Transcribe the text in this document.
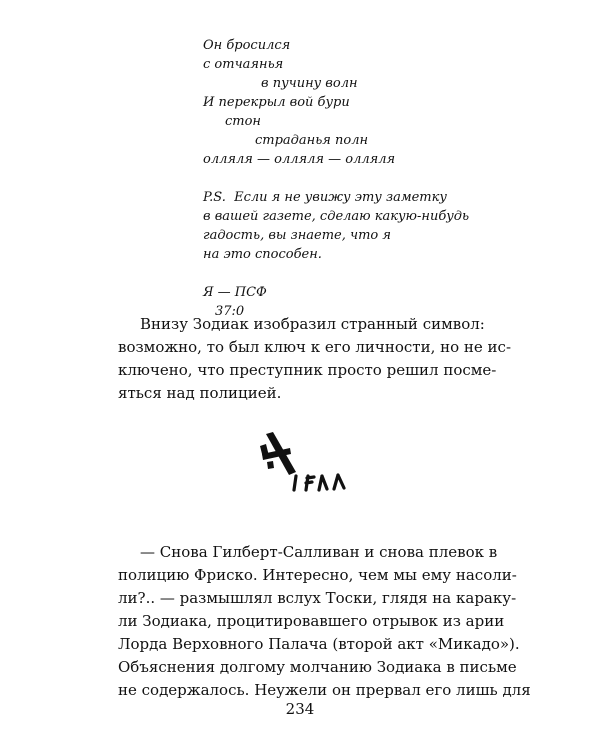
Он бросился
с отчаянья
в пучину волн
И перекрыл вой бури
стон
страданья полн
олляля — олляля — олляля
P.S.  Если я не увижу эту заметку
в вашей газете, сделаю какую-нибудь
гадость, вы знаете, что я
на это способен.
Я — ПСФ
37:0
Внизу Зодиак изобразил странный символ:
возможно, то был ключ к его личности, но не ис-
ключено, что преступник просто решил посме-
яться над полицией.
— Снова Гилберт-Салливан и снова плевок в
полицию Фриско. Интересно, чем мы ему насоли-
ли?.. — размышлял вслух Тоски, глядя на карaку-
ли Зодиака, процитировавшего отрывок из арии
Лорда Верховного Палача (второй акт «Микадо»).
Объяснения долгому молчанию Зодиака в письме
не содержалось. Неужели он прервал его лишь для
234
